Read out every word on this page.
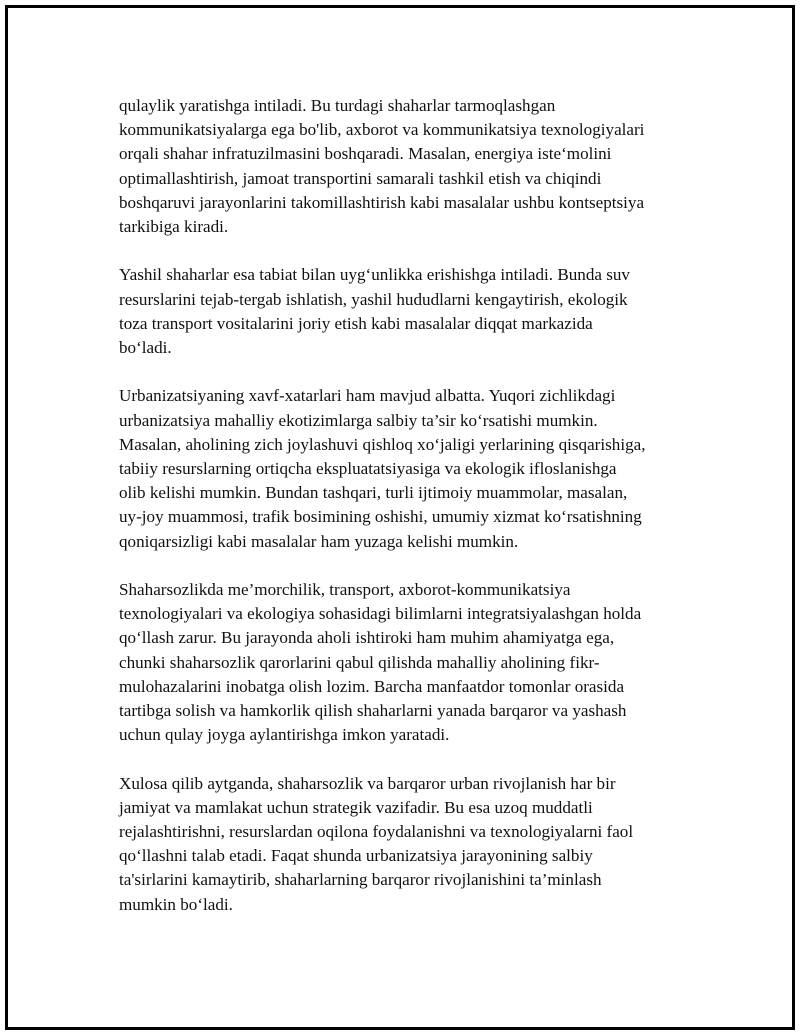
qulaylik yaratishga intiladi. Bu turdagi shaharlar tarmoqlashgan
kommunikatsiyalarga ega bo'lib, axborot va kommunikatsiya texnologiyalari
orqali shahar infratuzilmasini boshqaradi. Masalan, energiya iste‘molini
optimallashtirish, jamoat transportini samarali tashkil etish va chiqindi
boshqaruvi jarayonlarini takomillashtirish kabi masalalar ushbu kontseptsiya
tarkibiga kiradi.

Yashil shaharlar esa tabiat bilan uyg‘unlikka erishishga intiladi. Bunda suv
resurslarini tejab-tergab ishlatish, yashil hududlarni kengaytirish, ekologik
toza transport vositalarini joriy etish kabi masalalar diqqat markazida
bo‘ladi.

Urbanizatsiyaning xavf-xatarlari ham mavjud albatta. Yuqori zichlikdagi
urbanizatsiya mahalliy ekotizimlarga salbiy ta’sir ko‘rsatishi mumkin.
Masalan, aholining zich joylashuvi qishloq xo‘jaligi yerlarining qisqarishiga,
tabiiy resurslarning ortiqcha ekspluatatsiyasiga va ekologik ifloslanishga
olib kelishi mumkin. Bundan tashqari, turli ijtimoiy muammolar, masalan,
uy-joy muammosi, trafik bosimining oshishi, umumiy xizmat ko‘rsatishning
qoniqarsizligi kabi masalalar ham yuzaga kelishi mumkin.

Shaharsozlikda me’morchilik, transport, axborot-kommunikatsiya
texnologiyalari va ekologiya sohasidagi bilimlarni integratsiyalashgan holda
qo‘llash zarur. Bu jarayonda aholi ishtiroki ham muhim ahamiyatga ega,
chunki shaharsozlik qarorlarini qabul qilishda mahalliy aholining fikr-
mulohazalarini inobatga olish lozim. Barcha manfaatdor tomonlar orasida
tartibga solish va hamkorlik qilish shaharlarni yanada barqaror va yashash
uchun qulay joyga aylantirishga imkon yaratadi.

Xulosa qilib aytganda, shaharsozlik va barqaror urban rivojlanish har bir
jamiyat va mamlakat uchun strategik vazifadir. Bu esa uzoq muddatli
rejalashtirishni, resurslardan oqilona foydalanishni va texnologiyalarni faol
qo‘llashni talab etadi. Faqat shunda urbanizatsiya jarayonining salbiy
ta'sirlarini kamaytirib, shaharlarning barqaror rivojlanishini ta’minlash
mumkin bo‘ladi.
